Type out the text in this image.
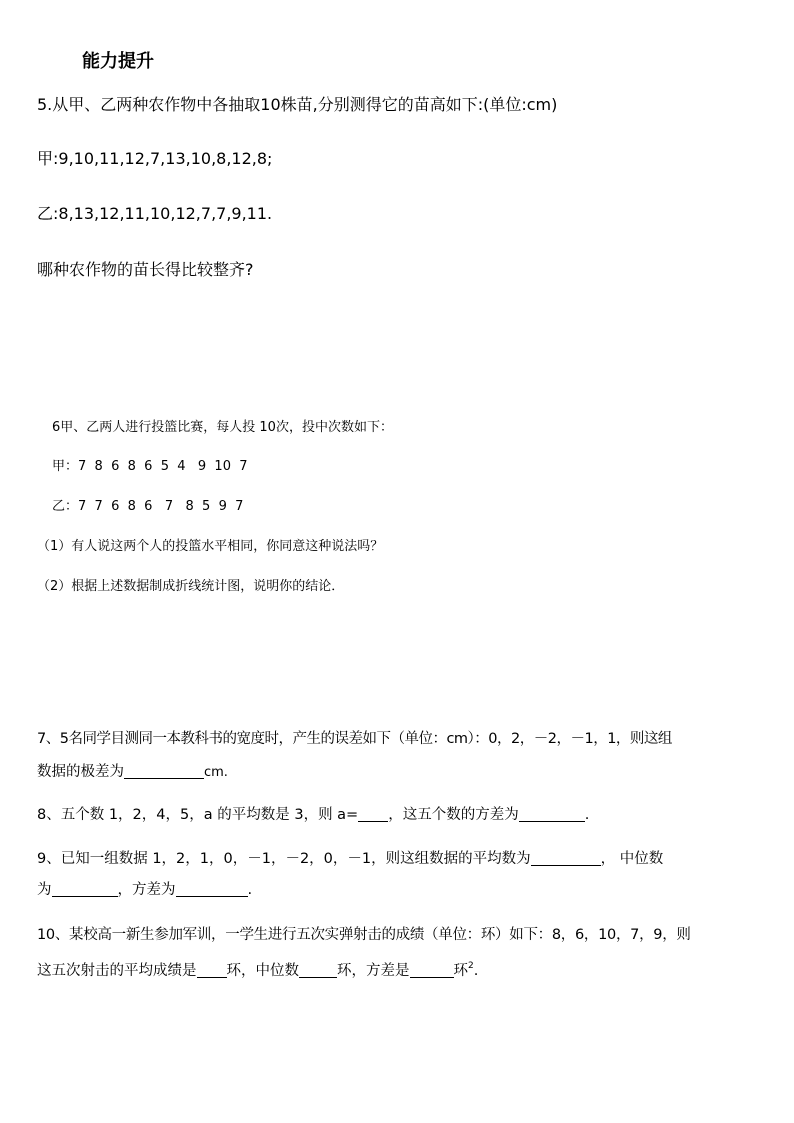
能力提升
5.从甲、乙两种农作物中各抽取10株苗,分别测得它的苗高如下:(单位:cm)
甲:9,10,11,12,7,13,10,8,12,8;
乙:8,13,12,11,10,12,7,7,9,11.
哪种农作物的苗长得比较整齐?
6甲、乙两人进行投篮比赛，每人投 10次，投中次数如下：
甲：7  8  6  8  6  5  4   9  10  7
乙：7  7  6  8  6   7   8  5  9  7
（1）有人说这两个人的投篮水平相同，你同意这种说法吗？
（2）根据上述数据制成折线统计图，说明你的结论．
7、5名同学目测同一本教科书的宽度时，产生的误差如下（单位：cm）：0，2，－2，－1，1，则这组
数据的极差为	cm.
8、五个数 1，2，4，5，a 的平均数是 3，则 a= ，这五个数的方差为	.
9、已知一组数据 1，2，1，0，－1，－2，0，－1，则这组数据的平均数为	， 中位数
为	，方差为	.
10、某校高一新生参加军训，一学生进行五次实弹射击的成绩（单位：环）如下：8，6，10，7，9，则
这五次射击的平均成绩是 环，中位数	环，方差是	环$^2$.
